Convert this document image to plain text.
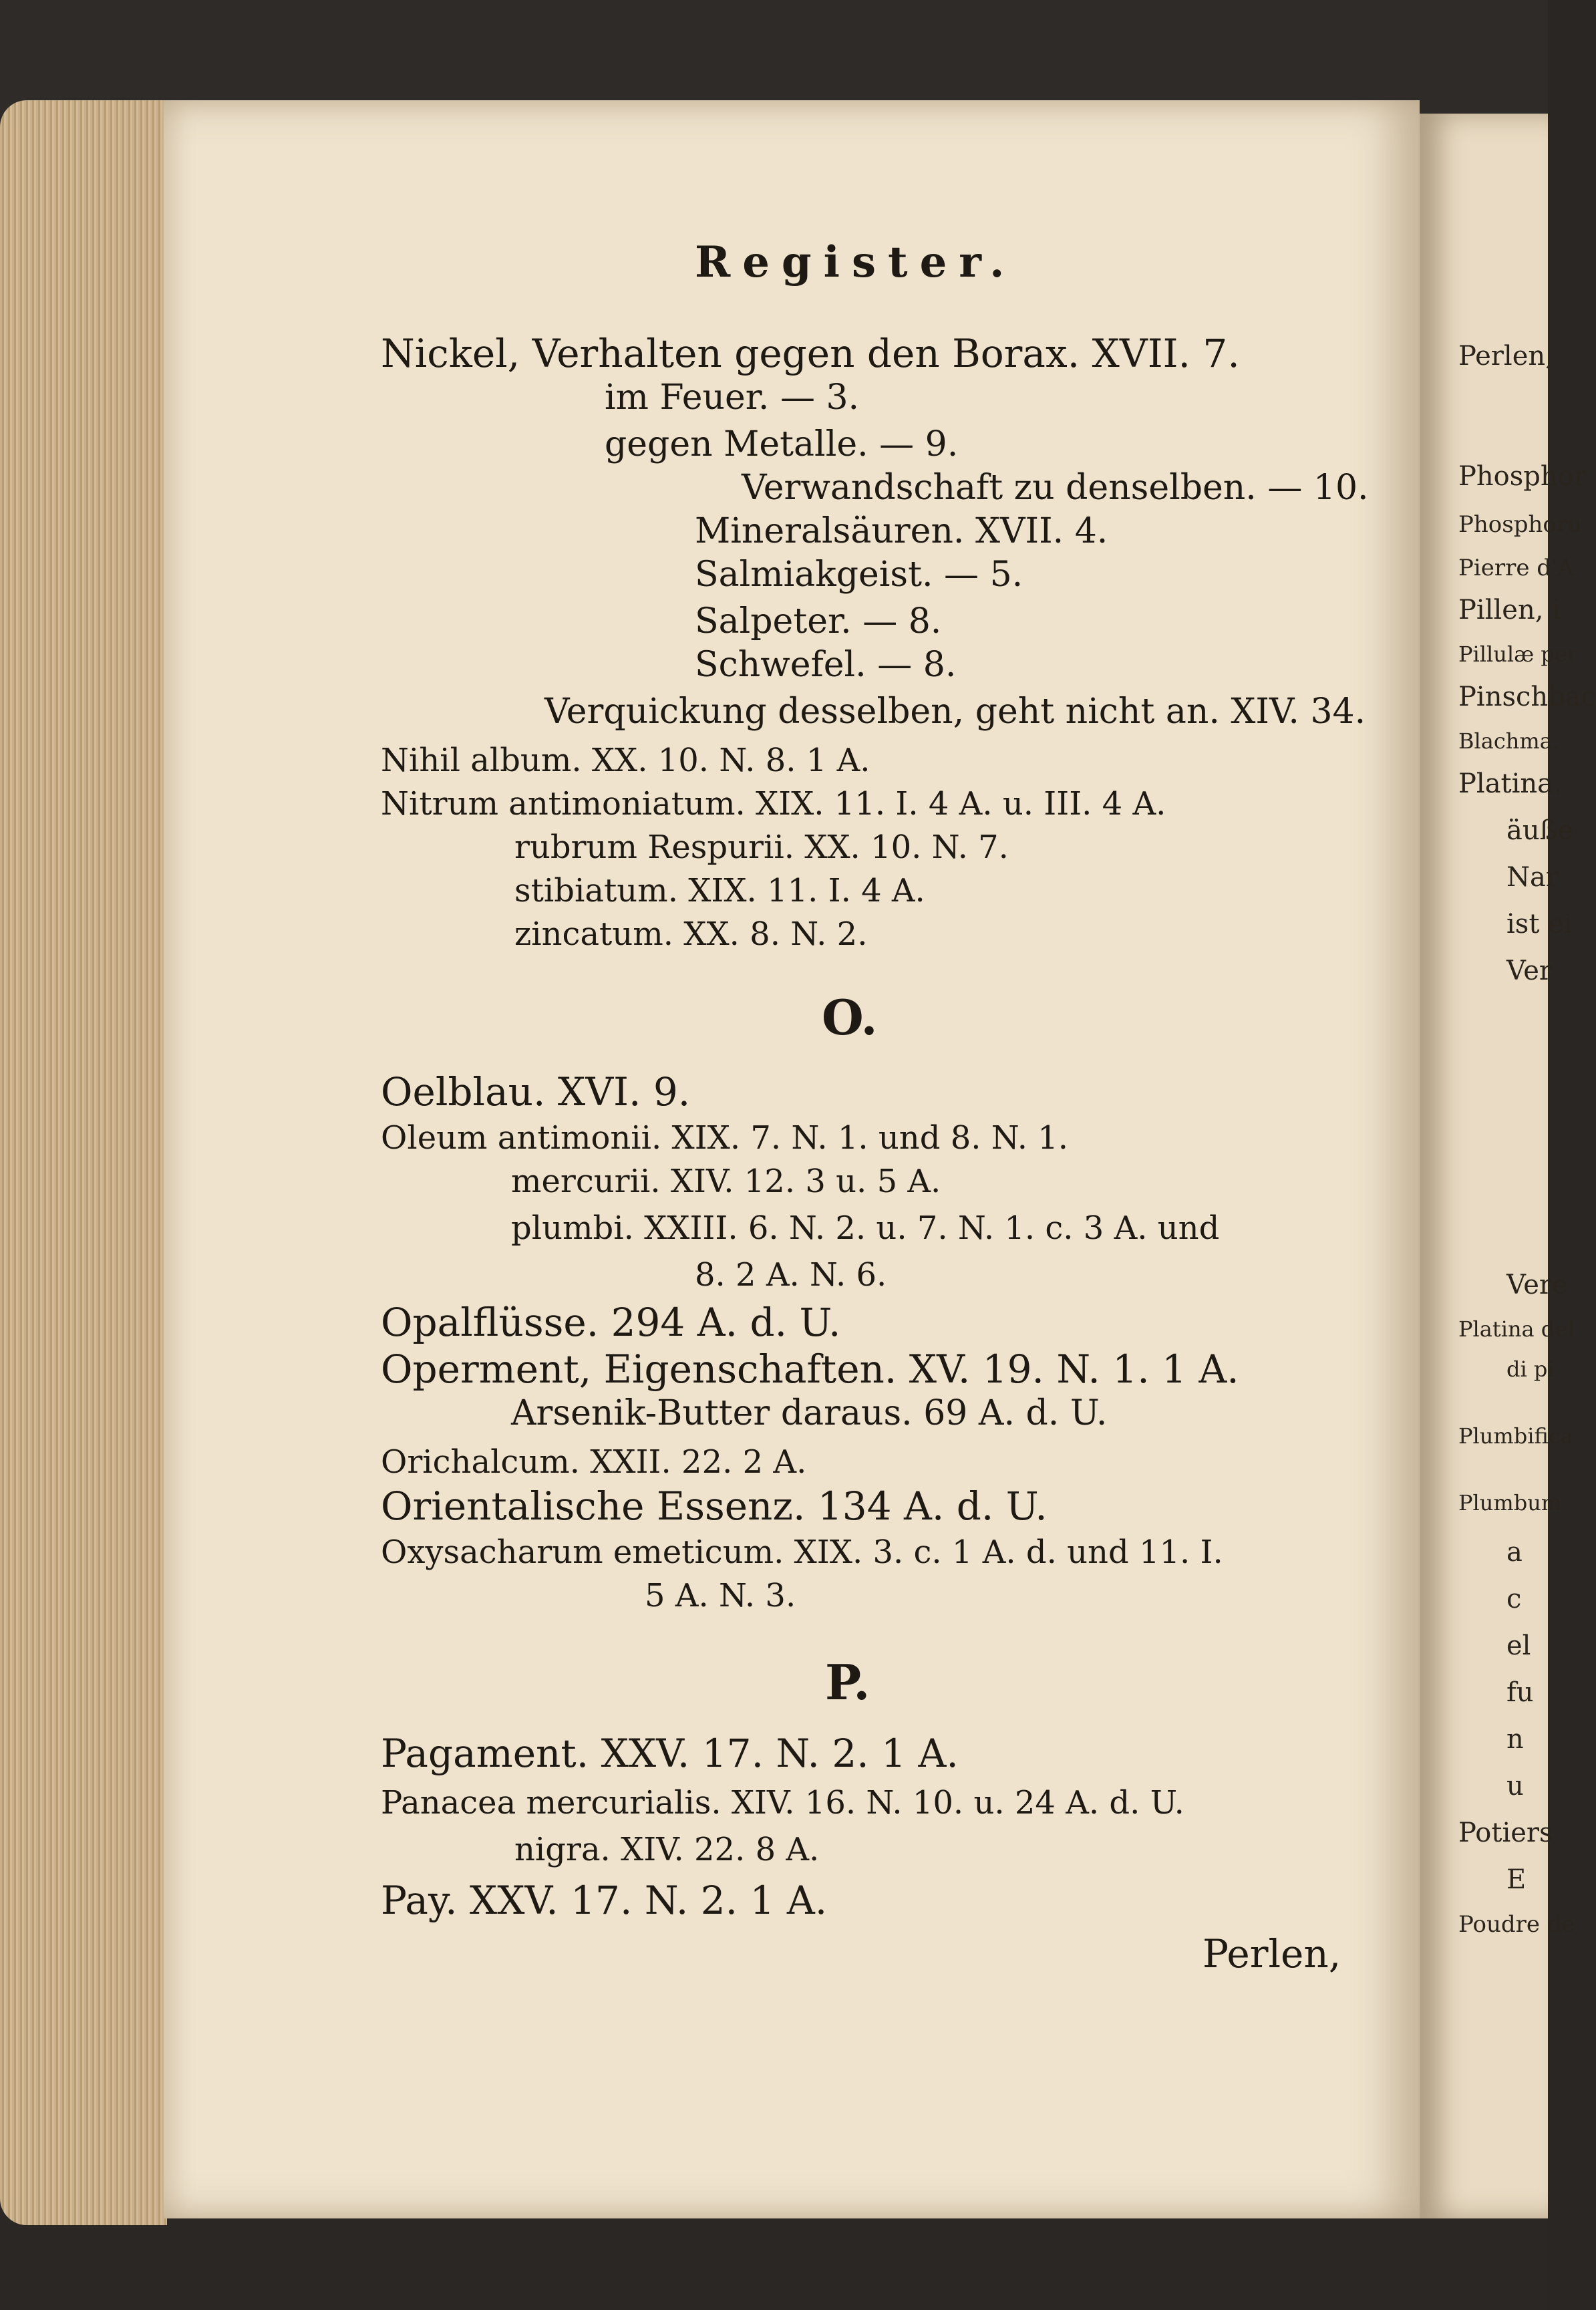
Register.
Nickel, Verhalten gegen den Borax. XVII. 7.
im Feuer. — 3.
gegen Metalle. — 9.
Verwandschaft zu denselben. — 10.
Mineralsäuren. XVII. 4.
Salmiakgeist. — 5.
Salpeter. — 8.
Schwefel. — 8.
Verquickung desselben, geht nicht an. XIV. 34.
Nihil album. XX. 10. N. 8. 1 A.
Nitrum antimoniatum. XIX. 11. I. 4 A. u. III. 4 A.
rubrum Respurii. XX. 10. N. 7.
stibiatum. XIX. 11. I. 4 A.
zincatum. XX. 8. N. 2.
O.
Oelblau. XVI. 9.
Oleum antimonii. XIX. 7. N. 1. und 8. N. 1.
mercurii. XIV. 12. 3 u. 5 A.
plumbi. XXIII. 6. N. 2. u. 7. N. 1. c. 3 A. und
8. 2 A. N. 6.
Opalflüsse. 294 A. d. U.
Operment, Eigenschaften. XV. 19. N. 1. 1 A.
Arsenik-Butter daraus. 69 A. d. U.
Orichalcum. XXII. 22. 2 A.
Orientalische Essenz. 134 A. d. U.
Oxysacharum emeticum. XIX. 3. c. 1 A. d. und 11. I.
5 A. N. 3.
P.
Pagament. XXV. 17. N. 2. 1 A.
Panacea mercurialis. XIV. 16. N. 10. u. 24 A. d. U.
nigra. XIV. 22. 8 A.
Pay. XXV. 17. N. 2. 1 A.
Perlen,
Perlen,
Phosphor
Phosphoru
Pierre d'A
Pillen, i
Pillulæ per
Pinschbac
Blachma.
Platina.
äuße
Nar
ist ei
Ver
Vere
Platina del
di pi
Plumbifica
Plumbum
a
c
el
fu
n
u
Potiers
E
Poudre de
